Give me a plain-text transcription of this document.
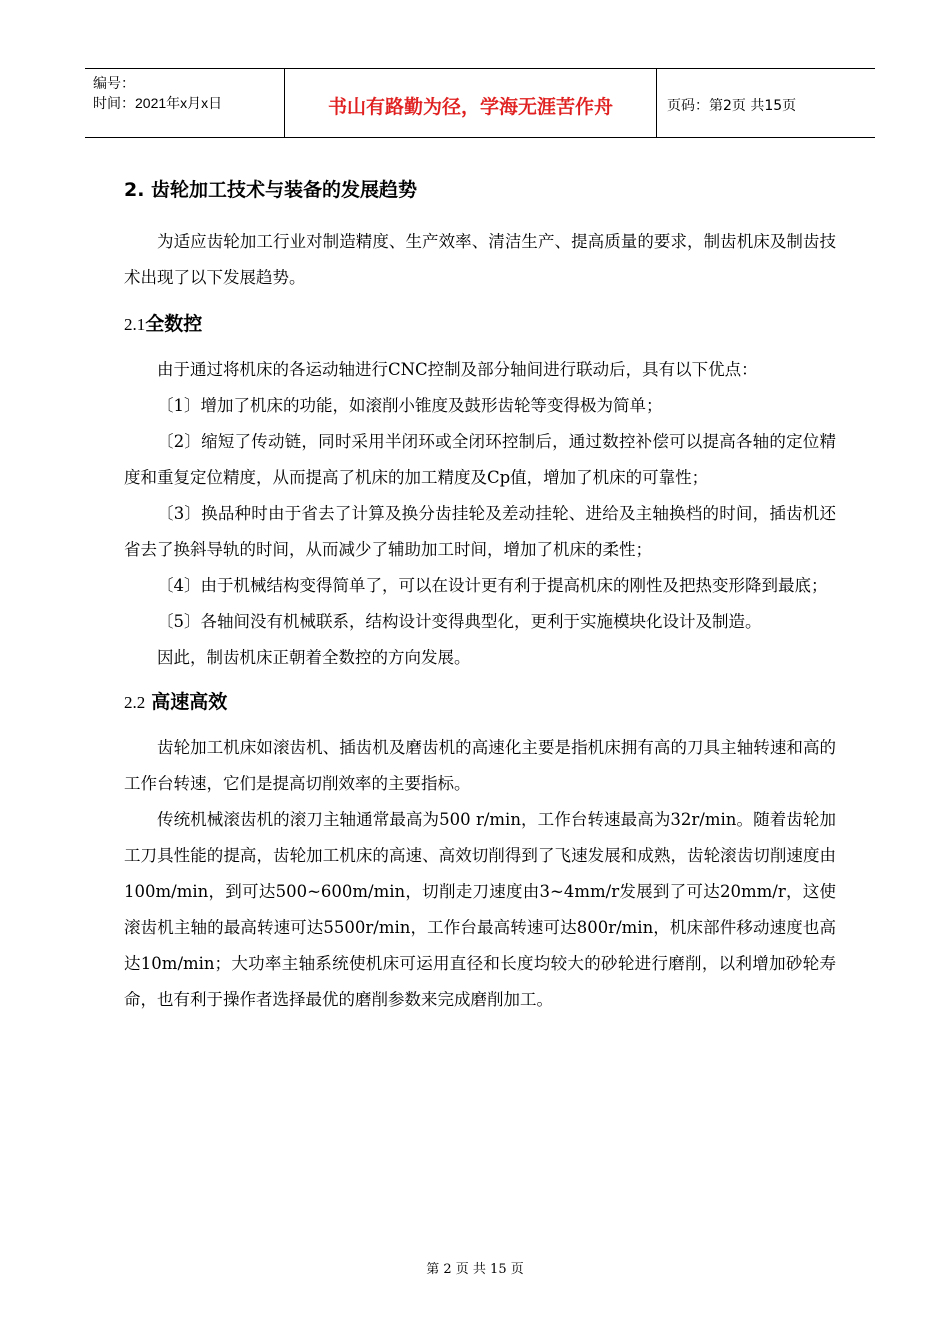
编号：
时间：2021年x月x日	书山有路勤为径，学海无涯苦作舟	页码：第2页 共15页
2. 齿轮加工技术与装备的发展趋势

为适应齿轮加工行业对制造精度、生产效率、清洁生产、提高质量的要求，制齿机床及制齿技术出现了以下发展趋势。

2.1全数控

由于通过将机床的各运动轴进行CNC控制及部分轴间进行联动后，具有以下优点：

〔1〕增加了机床的功能，如滚削小锥度及鼓形齿轮等变得极为简单；

〔2〕缩短了传动链，同时采用半闭环或全闭环控制后，通过数控补偿可以提高各轴的定位精度和重复定位精度，从而提高了机床的加工精度及Cp值，增加了机床的可靠性；

〔3〕换品种时由于省去了计算及换分齿挂轮及差动挂轮、进给及主轴换档的时间，插齿机还省去了换斜导轨的时间，从而减少了辅助加工时间，增加了机床的柔性；

〔4〕由于机械结构变得简单了，可以在设计更有利于提高机床的刚性及把热变形降到最底；

〔5〕各轴间没有机械联系，结构设计变得典型化，更利于实施模块化设计及制造。

因此，制齿机床正朝着全数控的方向发展。

2.2 高速高效

齿轮加工机床如滚齿机、插齿机及磨齿机的高速化主要是指机床拥有高的刀具主轴转速和高的工作台转速，它们是提高切削效率的主要指标。

传统机械滚齿机的滚刀主轴通常最高为500 r/min，工作台转速最高为32r/min。随着齿轮加工刀具性能的提高，齿轮加工机床的高速、高效切削得到了飞速发展和成熟，齿轮滚齿切削速度由100m/min，到可达500~600m/min，切削走刀速度由3~4mm/r发展到了可达20mm/r，这使滚齿机主轴的最高转速可达5500r/min，工作台最高转速可达800r/min，机床部件移动速度也高达10m/min；大功率主轴系统使机床可运用直径和长度均较大的砂轮进行磨削，以利增加砂轮寿命，也有利于操作者选择最优的磨削参数来完成磨削加工。

第 2 页 共 15 页
